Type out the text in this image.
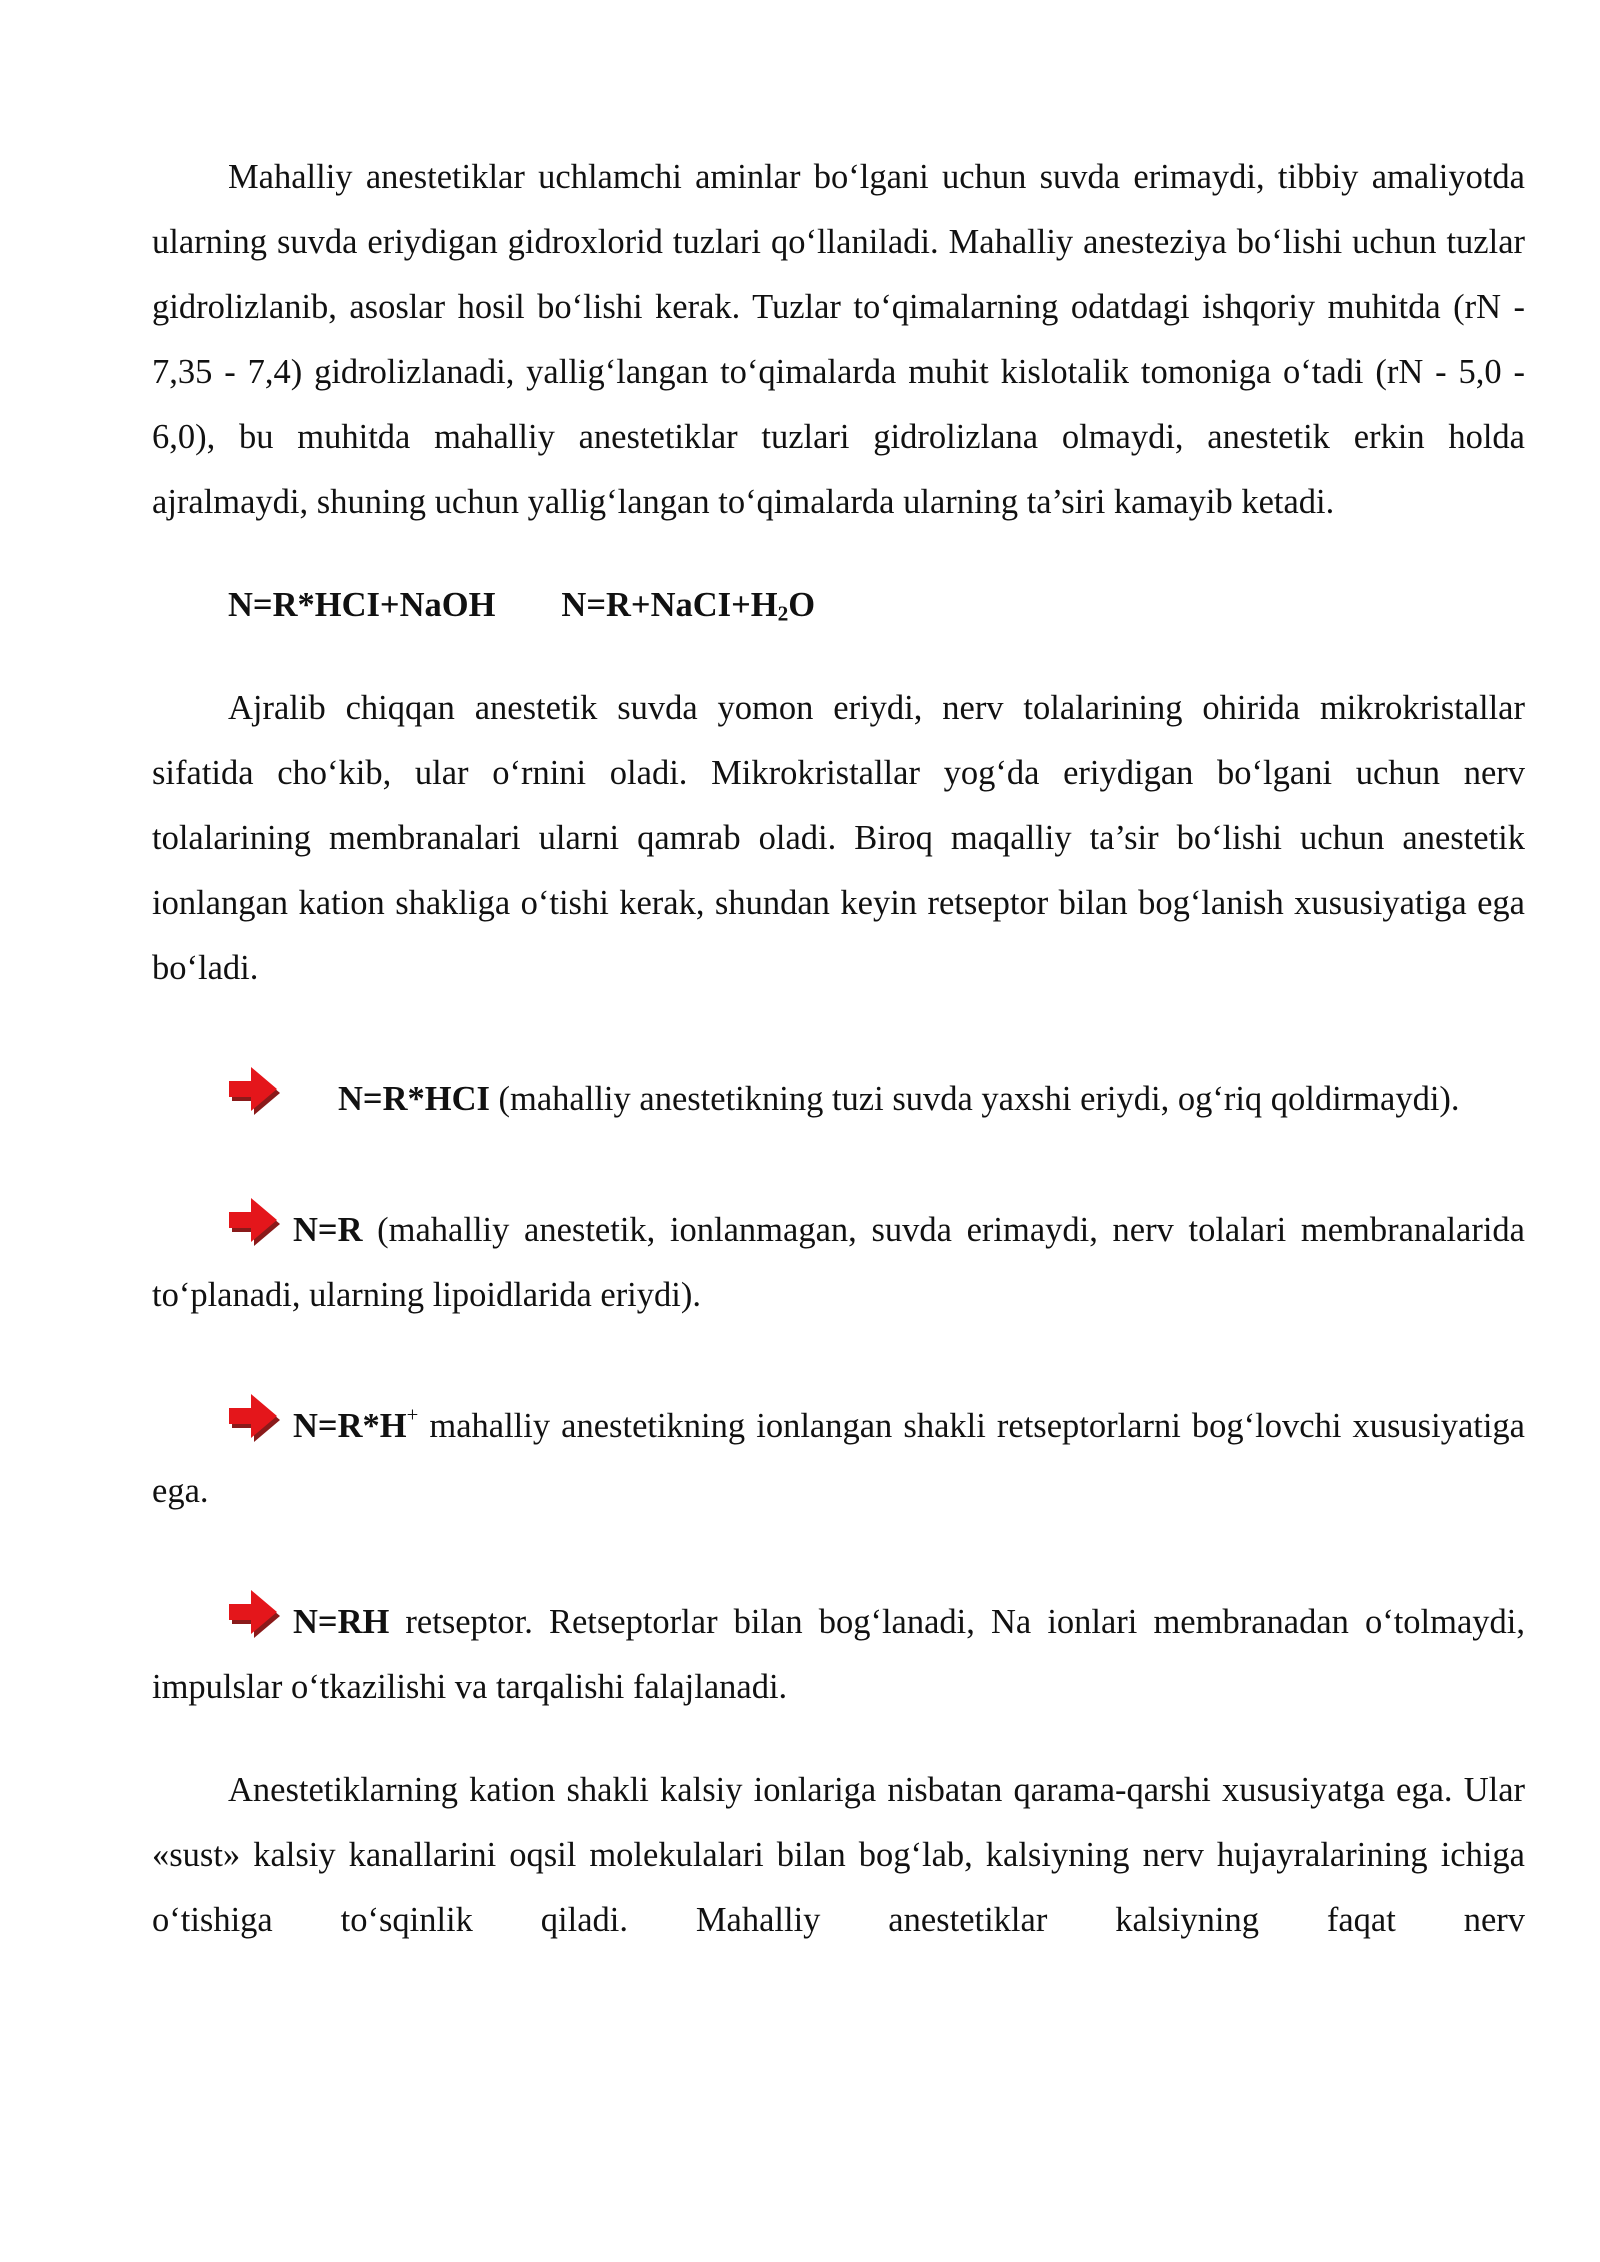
Mahalliy anestetiklar uchlamchi aminlar bo‘lgani uchun suvda erimaydi, tibbiy amaliyotda ularning suvda eriydigan gidroxlorid tuzlari qo‘llaniladi. Mahalliy anesteziya bo‘lishi uchun tuzlar gidrolizlanib, asoslar hosil bo‘lishi kerak. Tuzlar to‘qimalarning odatdagi ishqoriy muhitda (rN - 7,35 - 7,4) gidrolizlanadi, yallig‘langan to‘qimalarda muhit kislotalik tomoniga o‘tadi (rN - 5,0 - 6,0), bu muhitda mahalliy anestetiklar tuzlari gidrolizlana olmaydi, anestetik erkin holda ajralmaydi, shuning uchun yallig‘langan to‘qimalarda ularning ta’siri kamayib ketadi.

N=R*HCI+NaOH $N=R+NaCI+H_2O$

Ajralib chiqqan anestetik suvda yomon eriydi, nerv tolalarining ohirida mikrokristallar sifatida cho‘kib, ular o‘rnini oladi. Mikrokristallar yog‘da eriydigan bo‘lgani uchun nerv tolalarining membranalari ularni qamrab oladi. Biroq maqalliy ta’sir bo‘lishi uchun anestetik ionlangan kation shakliga o‘tishi kerak, shundan keyin retseptor bilan bog‘lanish xususiyatiga ega bo‘ladi.

N=R*HCI (mahalliy anestetikning tuzi suvda yaxshi eriydi, og‘riq qoldirmaydi).
N=R (mahalliy anestetik, ionlanmagan, suvda erimaydi, nerv tolalari membranalarida to‘planadi, ularning lipoidlarida eriydi).
N=R*H+ mahalliy anestetikning ionlangan shakli retseptorlarni bog‘lovchi xususiyatiga ega.
N=RH retseptor. Retseptorlar bilan bog‘lanadi, Na ionlari membranadan o‘tolmaydi, impulslar o‘tkazilishi va tarqalishi falajlanadi.

Anestetiklarning kation shakli kalsiy ionlariga nisbatan qarama-qarshi xususiyatga ega. Ular «sust» kalsiy kanallarini oqsil molekulalari bilan bog‘lab, kalsiyning nerv hujayralarining ichiga o‘tishiga to‘sqinlik qiladi. Mahalliy anestetiklar kalsiyning faqat nerv
